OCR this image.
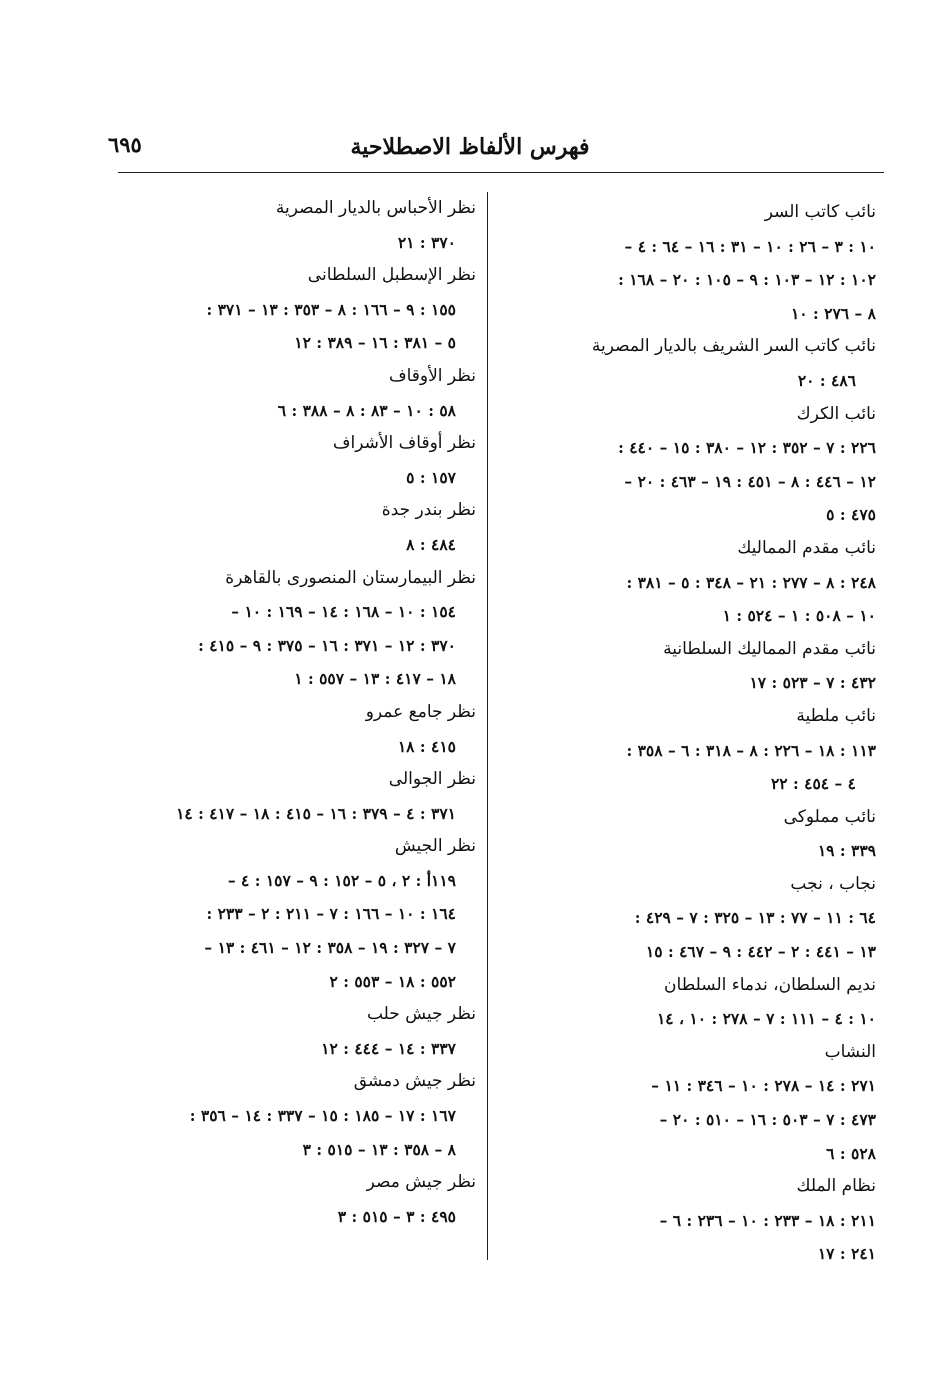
فهرس الألفاظ الاصطلاحية
٦٩٥
نائب كاتب السر
١٠ : ٣ – ٢٦ : ١٠ – ٣١ : ١٦ – ٦٤ : ٤ –
١٠٢ : ١٢ – ١٠٣ : ٩ – ١٠٥ : ٢٠ – ١٦٨ :
٨ – ٢٧٦ : ١٠
نائب كاتب السر الشريف بالديار المصرية
٤٨٦ : ٢٠
نائب الكرك
٢٢٦ : ٧ – ٣٥٢ : ١٢ – ٣٨٠ : ١٥ – ٤٤٠ :
١٢ – ٤٤٦ : ٨ – ٤٥١ : ١٩ – ٤٦٣ : ٢٠ –
٤٧٥ : ٥
نائب مقدم المماليك
٢٤٨ : ٨ – ٢٧٧ : ٢١ – ٣٤٨ : ٥ – ٣٨١ :
١٠ – ٥٠٨ : ١ – ٥٢٤ : ١
نائب مقدم المماليك السلطانية
٤٣٢ : ٧ – ٥٢٣ : ١٧
نائب ملطية
١١٣ : ١٨ – ٢٢٦ : ٨ – ٣١٨ : ٦ – ٣٥٨ :
٤ – ٤٥٤ : ٢٢
نائب مملوكى
٣٣٩ : ١٩
نجاب ، نجب
٦٤ : ١١ – ٧٧ : ١٣ – ٣٢٥ : ٧ – ٤٢٩ :
١٣ – ٤٤١ : ٢ – ٤٤٢ : ٩ – ٤٦٧ : ١٥
نديم السلطان، ندماء السلطان
١٠ : ٤ – ١١١ : ٧ – ٢٧٨ : ١٠ ، ١٤
النشاب
٢٧١ : ١٤ – ٢٧٨ : ١٠ – ٣٤٦ : ١١ –
٤٧٣ : ٧ – ٥٠٣ : ١٦ – ٥١٠ : ٢٠ –
٥٢٨ : ٦
نظام الملك
٢١١ : ١٨ – ٢٣٣ : ١٠ – ٢٣٦ : ٦ –
٢٤١ : ١٧
نظر الأحباس بالديار المصرية
٣٧٠ : ٢١
نظر الإسطبل السلطانى
١٥٥ : ٩ – ١٦٦ : ٨ – ٣٥٣ : ١٣ – ٣٧١ :
٥ – ٣٨١ : ١٦ – ٣٨٩ : ١٢
نظر الأوقاف
٥٨ : ١٠ – ٨٣ : ٨ – ٣٨٨ : ٦
نظر أوقاف الأشراف
١٥٧ : ٥
نظر بندر جدة
٤٨٤ : ٨
نظر البيمارستان المنصورى بالقاهرة
١٥٤ : ١٠ – ١٦٨ : ١٤ – ١٦٩ : ١٠ –
٣٧٠ : ١٢ – ٣٧١ : ١٦ – ٣٧٥ : ٩ – ٤١٥ :
١٨ – ٤١٧ : ١٣ – ٥٥٧ : ١
نظر جامع عمرو
٤١٥ : ١٨
نظر الجوالى
٣٧١ : ٤ – ٣٧٩ : ١٦ – ٤١٥ : ١٨ – ٤١٧ : ١٤
نظر الجيش
١١٩أ : ٢ ، ٥ – ١٥٢ : ٩ – ١٥٧ : ٤ –
١٦٤ : ١٠ – ١٦٦ : ٧ – ٢١١ : ٢ – ٢٣٣ :
٧ – ٣٢٧ : ١٩ – ٣٥٨ : ١٢ – ٤٦١ : ١٣ –
٥٥٢ : ١٨ – ٥٥٣ : ٢
نظر جيش حلب
٣٣٧ : ١٤ – ٤٤٤ : ١٢
نظر جيش دمشق
١٦٧ : ١٧ – ١٨٥ : ١٥ – ٣٣٧ : ١٤ – ٣٥٦ :
٨ – ٣٥٨ : ١٣ – ٥١٥ : ٣
نظر جيش مصر
٤٩٥ : ٣ – ٥١٥ : ٣
